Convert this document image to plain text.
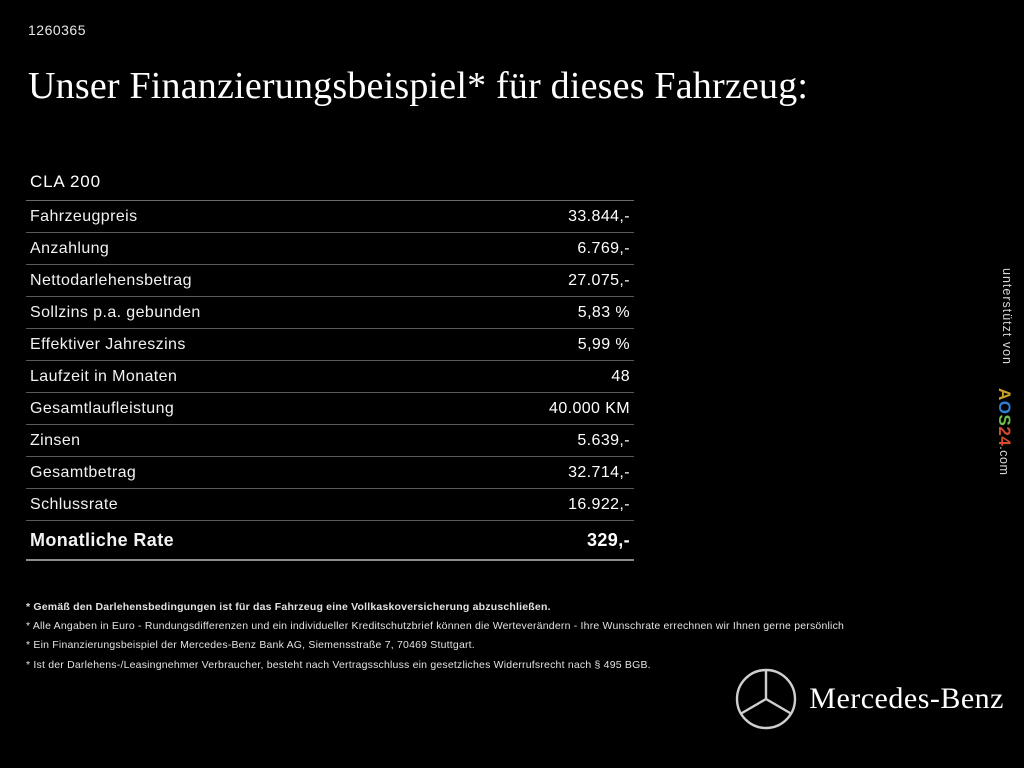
1260365
Unser Finanzierungsbeispiel* für dieses Fahrzeug:
CLA 200
Fahrzeugpreis	33.844,-
Anzahlung	6.769,-
Nettodarlehensbetrag	27.075,-
Sollzins p.a. gebunden	5,83 %
Effektiver Jahreszins	5,99 %
Laufzeit in Monaten	48
Gesamtlaufleistung	40.000 KM
Zinsen	5.639,-
Gesamtbetrag	32.714,-
Schlussrate	16.922,-
Monatliche Rate	329,-
* Gemäß den Darlehensbedingungen ist für das Fahrzeug eine Vollkaskoversicherung abzuschließen.
* Alle Angaben in Euro - Rundungsdifferenzen und ein individueller Kreditschutzbrief können die Werteverändern - Ihre Wunschrate errechnen wir Ihnen gerne persönlich
* Ein Finanzierungsbeispiel der Mercedes-Benz Bank AG, Siemensstraße 7, 70469 Stuttgart.
* Ist der Darlehens-/Leasingnehmer Verbraucher, besteht nach Vertragsschluss ein gesetzliches Widerrufsrecht nach § 495 BGB.
unterstützt von
AOS24.com
Mercedes-Benz
